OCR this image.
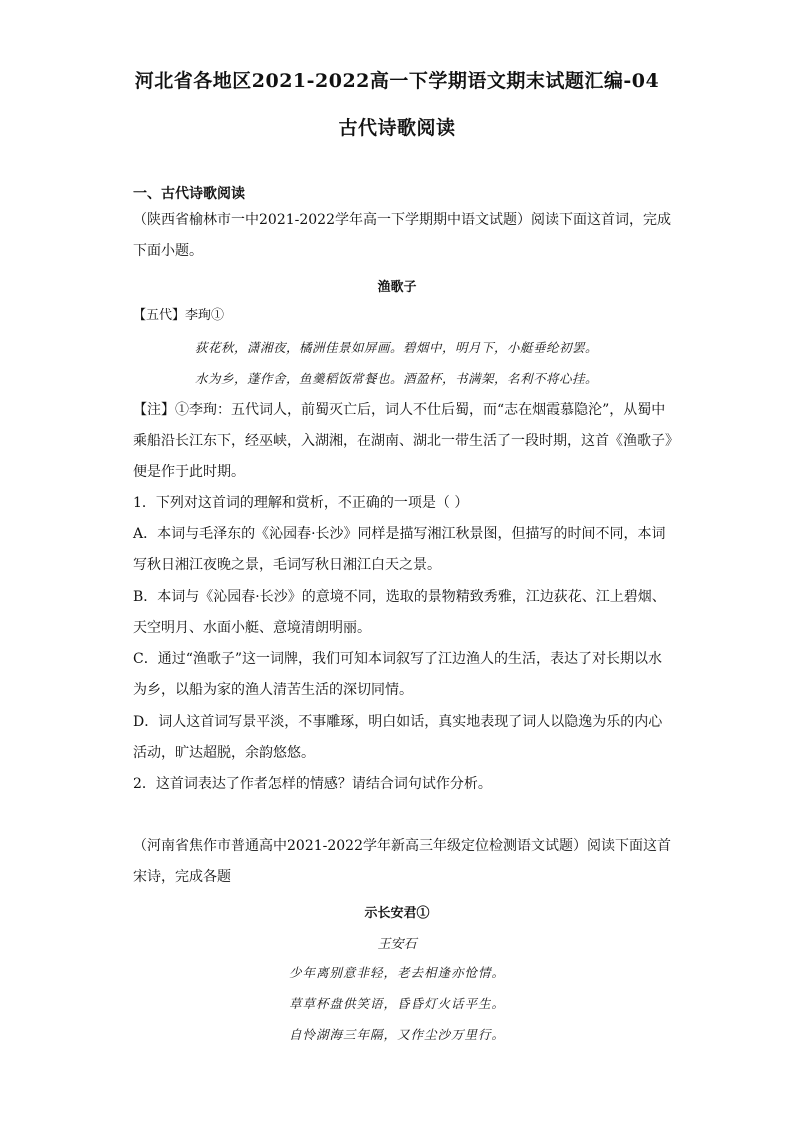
河北省各地区2021-2022高一下学期语文期末试题汇编-04
古代诗歌阅读
一、古代诗歌阅读
（陕西省榆林市一中2021-2022学年高一下学期期中语文试题）阅读下面这首词，完成
下面小题。
渔歌子
【五代】李珣①
荻花秋，潇湘夜，橘洲佳景如屏画。碧烟中，明月下，小艇垂纶初罢。
水为乡，蓬作舍，鱼羹稻饭常餐也。酒盈杯，书满架，名利不将心挂。
【注】①李珣：五代词人，前蜀灭亡后，词人不仕后蜀，而“志在烟霞慕隐沦”，从蜀中
乘船沿长江东下，经巫峡，入湖湘，在湖南、湖北一带生活了一段时期，这首《渔歌子》
便是作于此时期。
1．下列对这首词的理解和赏析，不正确的一项是（ ）
A．本词与毛泽东的《沁园春·长沙》同样是描写湘江秋景图，但描写的时间不同，本词
写秋日湘江夜晚之景，毛词写秋日湘江白天之景。
B．本词与《沁园春·长沙》的意境不同，选取的景物精致秀雅，江边荻花、江上碧烟、
天空明月、水面小艇、意境清朗明丽。
C．通过“渔歌子”这一词牌，我们可知本词叙写了江边渔人的生活，表达了对长期以水
为乡，以船为家的渔人清苦生活的深切同情。
D．词人这首词写景平淡，不事雕琢，明白如话，真实地表现了词人以隐逸为乐的内心
活动，旷达超脱，余韵悠悠。
2．这首词表达了作者怎样的情感？请结合词句试作分析。
（河南省焦作市普通高中2021-2022学年新高三年级定位检测语文试题）阅读下面这首
宋诗，完成各题
示长安君①
王安石
少年离别意非轻，老去相逢亦怆情。
草草杯盘供笑语，昏昏灯火话平生。
自怜湖海三年隔，又作尘沙万里行。
